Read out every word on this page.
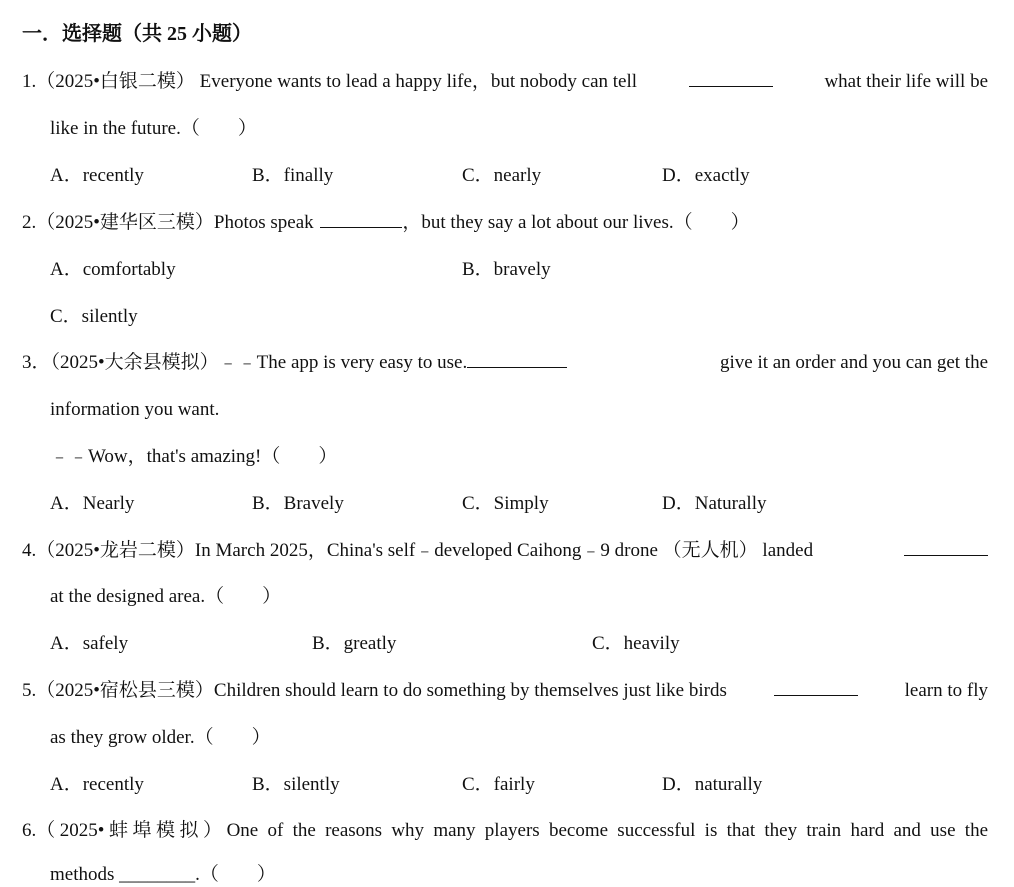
一．选择题（共 25 小题）
1.（2025•白银二模） Everyone wants to lead a happy life，but nobody can tell	what their life will be
like in the future.（　　）
A．recently	B．finally	C．nearly	D．exactly
2.（2025•建华区三模）Photos speak	，but they say a lot about our lives.（　　）
A．comfortably	B．bravely
C．silently
3．（2025•大余县模拟）﹣﹣The app is very easy to use.	give it an order and you can get the
information you want.
﹣﹣Wow，that's amazing!（　　）
A．Nearly	B．Bravely	C．Simply	D．Naturally
4.（2025•龙岩二模）In March 2025，China's self﹣developed Caihong﹣9 drone （无人机） landed
at the designed area.（　　）
A．safely	B．greatly	C．heavily
5.（2025•宿松县三模）Children should learn to do something by themselves just like birds	learn to fly
as they grow older.（　　）
A．recently	B．silently	C．fairly	D．naturally
6. （2025•蚌埠模拟）One of the reasons why many players become successful is that they train hard and use the
methods ________.（　　）
